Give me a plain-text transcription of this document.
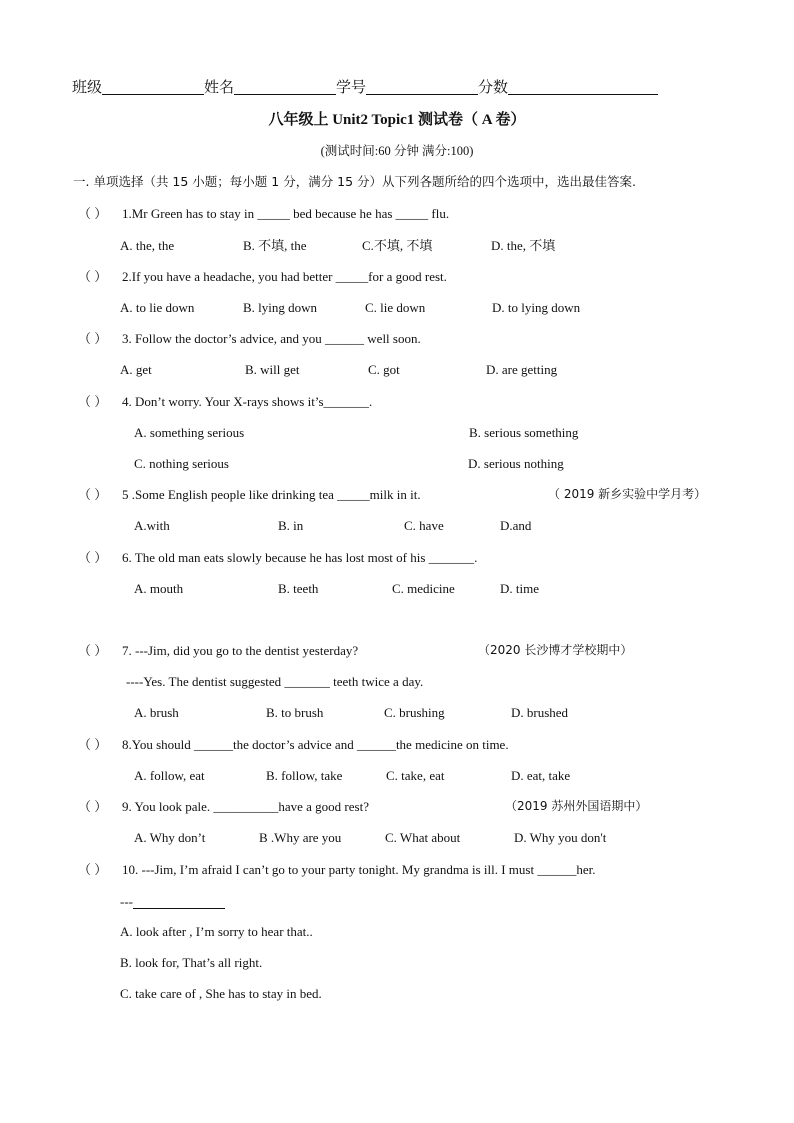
班级	姓名	学号	分数
八年级上 Unit2 Topic1 测试卷（ A 卷）
(测试时间:60 分钟 满分:100)
一. 单项选择（共 15 小题；每小题 1 分，满分 15 分）从下列各题所给的四个选项中，选出最佳答案.
（ ） 1.Mr Green has to stay in _____ bed because he has _____ flu.
A. the, the	B. 不填, the	C.不填, 不填	D. the, 不填
（ ） 2.If you have a headache, you had better _____for a good rest.
A. to lie down	B. lying down	C. lie down	D. to lying down
（ ） 3. Follow the doctor’s advice, and you ______ well soon.
A. get	B. will get	C. got	D. are getting
（ ） 4. Don’t worry. Your X-rays shows it’s_______.
A. something serious	B. serious something
C. nothing serious	D. serious nothing
（ ） 5 .Some English people like drinking tea _____milk in it.	（ 2019 新乡实验中学月考）
A.with	B. in	C. have	D.and
（ ） 6. The old man eats slowly because he has lost most of his _______.
A. mouth	B. teeth	C. medicine	D. time
（ ） 7. ---Jim, did you go to the dentist yesterday?	（2020 长沙博才学校期中）
----Yes. The dentist suggested _______ teeth twice a day.
A. brush	B. to brush	C. brushing	D. brushed
（ ） 8.You should ______the doctor’s advice and ______the medicine on time.
A. follow, eat	B. follow, take	C. take, eat	D. eat, take
（ ） 9. You look pale. __________have a good rest?	（2019 苏州外国语期中）
A. Why don’t	B .Why are you	C. What about	D. Why you don't
（ ） 10. ---Jim, I’m afraid I can’t go to your party tonight. My grandma is ill. I must ______her.
---
A. look after , I’m sorry to hear that..
B. look for, That’s all right.
C. take care of , She has to stay in bed.
